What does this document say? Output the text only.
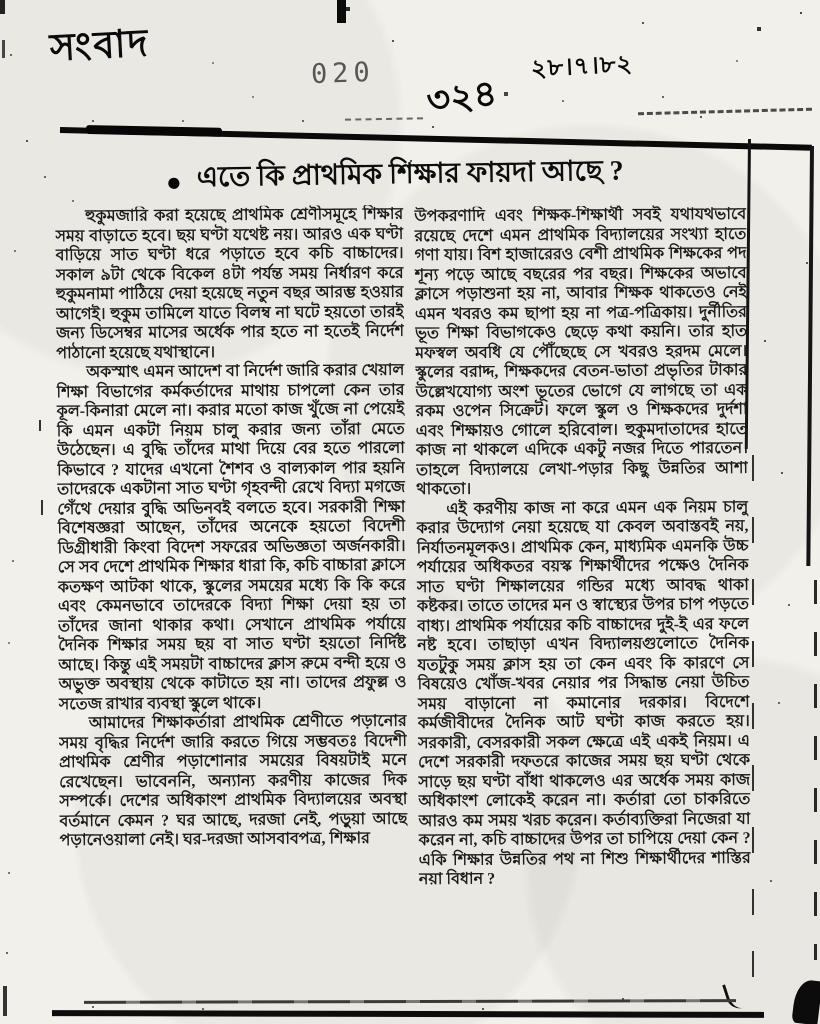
সংবাদ
020 ৩২৪
২৮।৭।৮২
● এতে কি প্রাথমিক শিক্ষার ফায়দা আছে ?

হুকুমজারি করা হয়েছে প্রাথমিক শ্রেণীসমূহে শিক্ষার সময় বাড়াতে হবে। ছয় ঘণ্টা যথেষ্ট নয়। আরও এক ঘণ্টা বাড়িয়ে সাত ঘণ্টা ধরে পড়াতে হবে কচি বাচ্চাদের। সকাল ৯টা থেকে বিকেল ৪টা পর্যন্ত সময় নির্ধারণ করে হুকুমনামা পাঠিয়ে দেয়া হয়েছে নতুন বছর আরম্ভ হওয়ার আগেই। হুকুম তামিলে যাতে বিলম্ব না ঘটে হয়তো তারই জন্য ডিসেম্বর মাসের অর্ধেক পার হতে না হতেই নির্দেশ পাঠানো হয়েছে যথাস্থানে।

অকস্মাৎ এমন আদেশ বা নির্দেশ জারি করার খেয়াল শিক্ষা বিভাগের কর্মকর্তাদের মাথায় চাপলো কেন তার কূল-কিনারা মেলে না। করার মতো কাজ খুঁজে না পেয়েই কি এমন একটা নিয়ম চালু করার জন্য তাঁরা মেতে উঠেছেন। এ বুদ্ধি তাঁদের মাথা দিয়ে বের হতে পারলো কিভাবে ? যাদের এখনো শৈশব ও বাল্যকাল পার হয়নি তাদেরকে একটানা সাত ঘণ্টা গৃহবন্দী রেখে বিদ্যা মগজে গেঁথে দেয়ার বুদ্ধি অভিনবই বলতে হবে। সরকারী শিক্ষা বিশেষজ্ঞরা আছেন, তাঁদের অনেকে হয়তো বিদেশী ডিগ্রীধারী কিংবা বিদেশ সফরের অভিজ্ঞতা অর্জনকারী। সে সব দেশে প্রাথমিক শিক্ষার ধারা কি, কচি বাচ্চারা ক্লাসে কতক্ষণ আটকা থাকে, স্কুলের সময়ের মধ্যে কি কি করে এবং কেমনভাবে তাদেরকে বিদ্যা শিক্ষা দেয়া হয় তা তাঁদের জানা থাকার কথা। সেখানে প্রাথমিক পর্যায়ে দৈনিক শিক্ষার সময় ছয় বা সাত ঘণ্টা হয়তো নির্দিষ্ট আছে। কিন্তু এই সময়টা বাচ্চাদের ক্লাস রুমে বন্দী হয়ে ও অভুক্ত অবস্থায় থেকে কাটাতে হয় না। তাদের প্রফুল্ল ও সতেজ রাখার ব্যবস্থা স্কুলে থাকে।

আমাদের শিক্ষাকর্তারা প্রাথমিক শ্রেণীতে পড়ানোর সময় বৃদ্ধির নির্দেশ জারি করতে গিয়ে সম্ভবতঃ বিদেশী প্রাথমিক শ্রেণীর পড়াশোনার সময়ের বিষয়টাই মনে রেখেছেন। ভাবেননি, অন্যান্য করণীয় কাজের দিক সম্পর্কে। দেশের অধিকাংশ প্রাথমিক বিদ্যালয়ের অবস্থা বর্তমানে কেমন ? ঘর আছে, দরজা নেই, পড়ুয়া আছে পড়ানেওয়ালা নেই। ঘর-দরজা আসবাবপত্র, শিক্ষার

উপকরণাদি এবং শিক্ষক-শিক্ষার্থী সবই যথাযথভাবে রয়েছে দেশে এমন প্রাথমিক বিদ্যালয়ের সংখ্যা হাতে গণা যায়। বিশ হাজারেরও বেশী প্রাথমিক শিক্ষকের পদ শূন্য পড়ে আছে বছরের পর বছর। শিক্ষকের অভাবে ক্লাসে পড়াশুনা হয় না, আবার শিক্ষক থাকতেও নেই এমন খবরও কম ছাপা হয় না পত্র-পত্রিকায়। দুর্নীতির ভূত শিক্ষা বিভাগকেও ছেড়ে কথা কয়নি। তার হাত মফস্বল অবধি যে পৌঁছেছে সে খবরও হরদম মেলে। স্কুলের বরাদ্দ, শিক্ষকদের বেতন-ভাতা প্রভৃতির টাকার উল্লেখযোগ্য অংশ ভূতের ভোগে যে লাগছে তা এক রকম ওপেন সিক্রেট। ফলে স্কুল ও শিক্ষকদের দুর্দশা এবং শিক্ষায়ও গোলে হরিবোল। হুকুমদাতাদের হাতে কাজ না থাকলে এদিকে একটু নজর দিতে পারতেন। তাহলে বিদ্যালয়ে লেখা-পড়ার কিছু উন্নতির আশা থাকতো।

এই করণীয় কাজ না করে এমন এক নিয়ম চালু করার উদ্যোগ নেয়া হয়েছে যা কেবল অবাস্তবই নয়, নির্যাতনমূলকও। প্রাথমিক কেন, মাধ্যমিক এমনকি উচ্চ পর্যায়ের অধিকতর বয়স্ক শিক্ষার্থীদের পক্ষেও দৈনিক সাত ঘণ্টা শিক্ষালয়ের গন্ডির মধ্যে আবদ্ধ থাকা কষ্টকর। তাতে তাদের মন ও স্বাস্থ্যের উপর চাপ পড়তে বাধ্য। প্রাথমিক পর্যায়ের কচি বাচ্চাদের দুই-ই এর ফলে নষ্ট হবে। তাছাড়া এখন বিদ্যালয়গুলোতে দৈনিক যতটুকু সময় ক্লাস হয় তা কেন এবং কি কারণে সে বিষয়েও খোঁজ-খবর নেয়ার পর সিদ্ধান্ত নেয়া উচিত সময় বাড়ানো না কমানোর দরকার। বিদেশে কর্মজীবীদের দৈনিক আট ঘণ্টা কাজ করতে হয়। সরকারী, বেসরকারী সকল ক্ষেত্রে এই একই নিয়ম। এ দেশে সরকারী দফতরে কাজের সময় ছয় ঘণ্টা থেকে সাড়ে ছয় ঘণ্টা বাঁধা থাকলেও এর অর্ধেক সময় কাজ অধিকাংশ লোকেই করেন না। কর্তারা তো চাকরিতে আরও কম সময় খরচ করেন। কর্তাব্যক্তিরা নিজেরা যা করেন না, কচি বাচ্চাদের উপর তা চাপিয়ে দেয়া কেন ? একি শিক্ষার উন্নতির পথ না শিশু শিক্ষার্থীদের শাস্তির নয়া বিধান ?
